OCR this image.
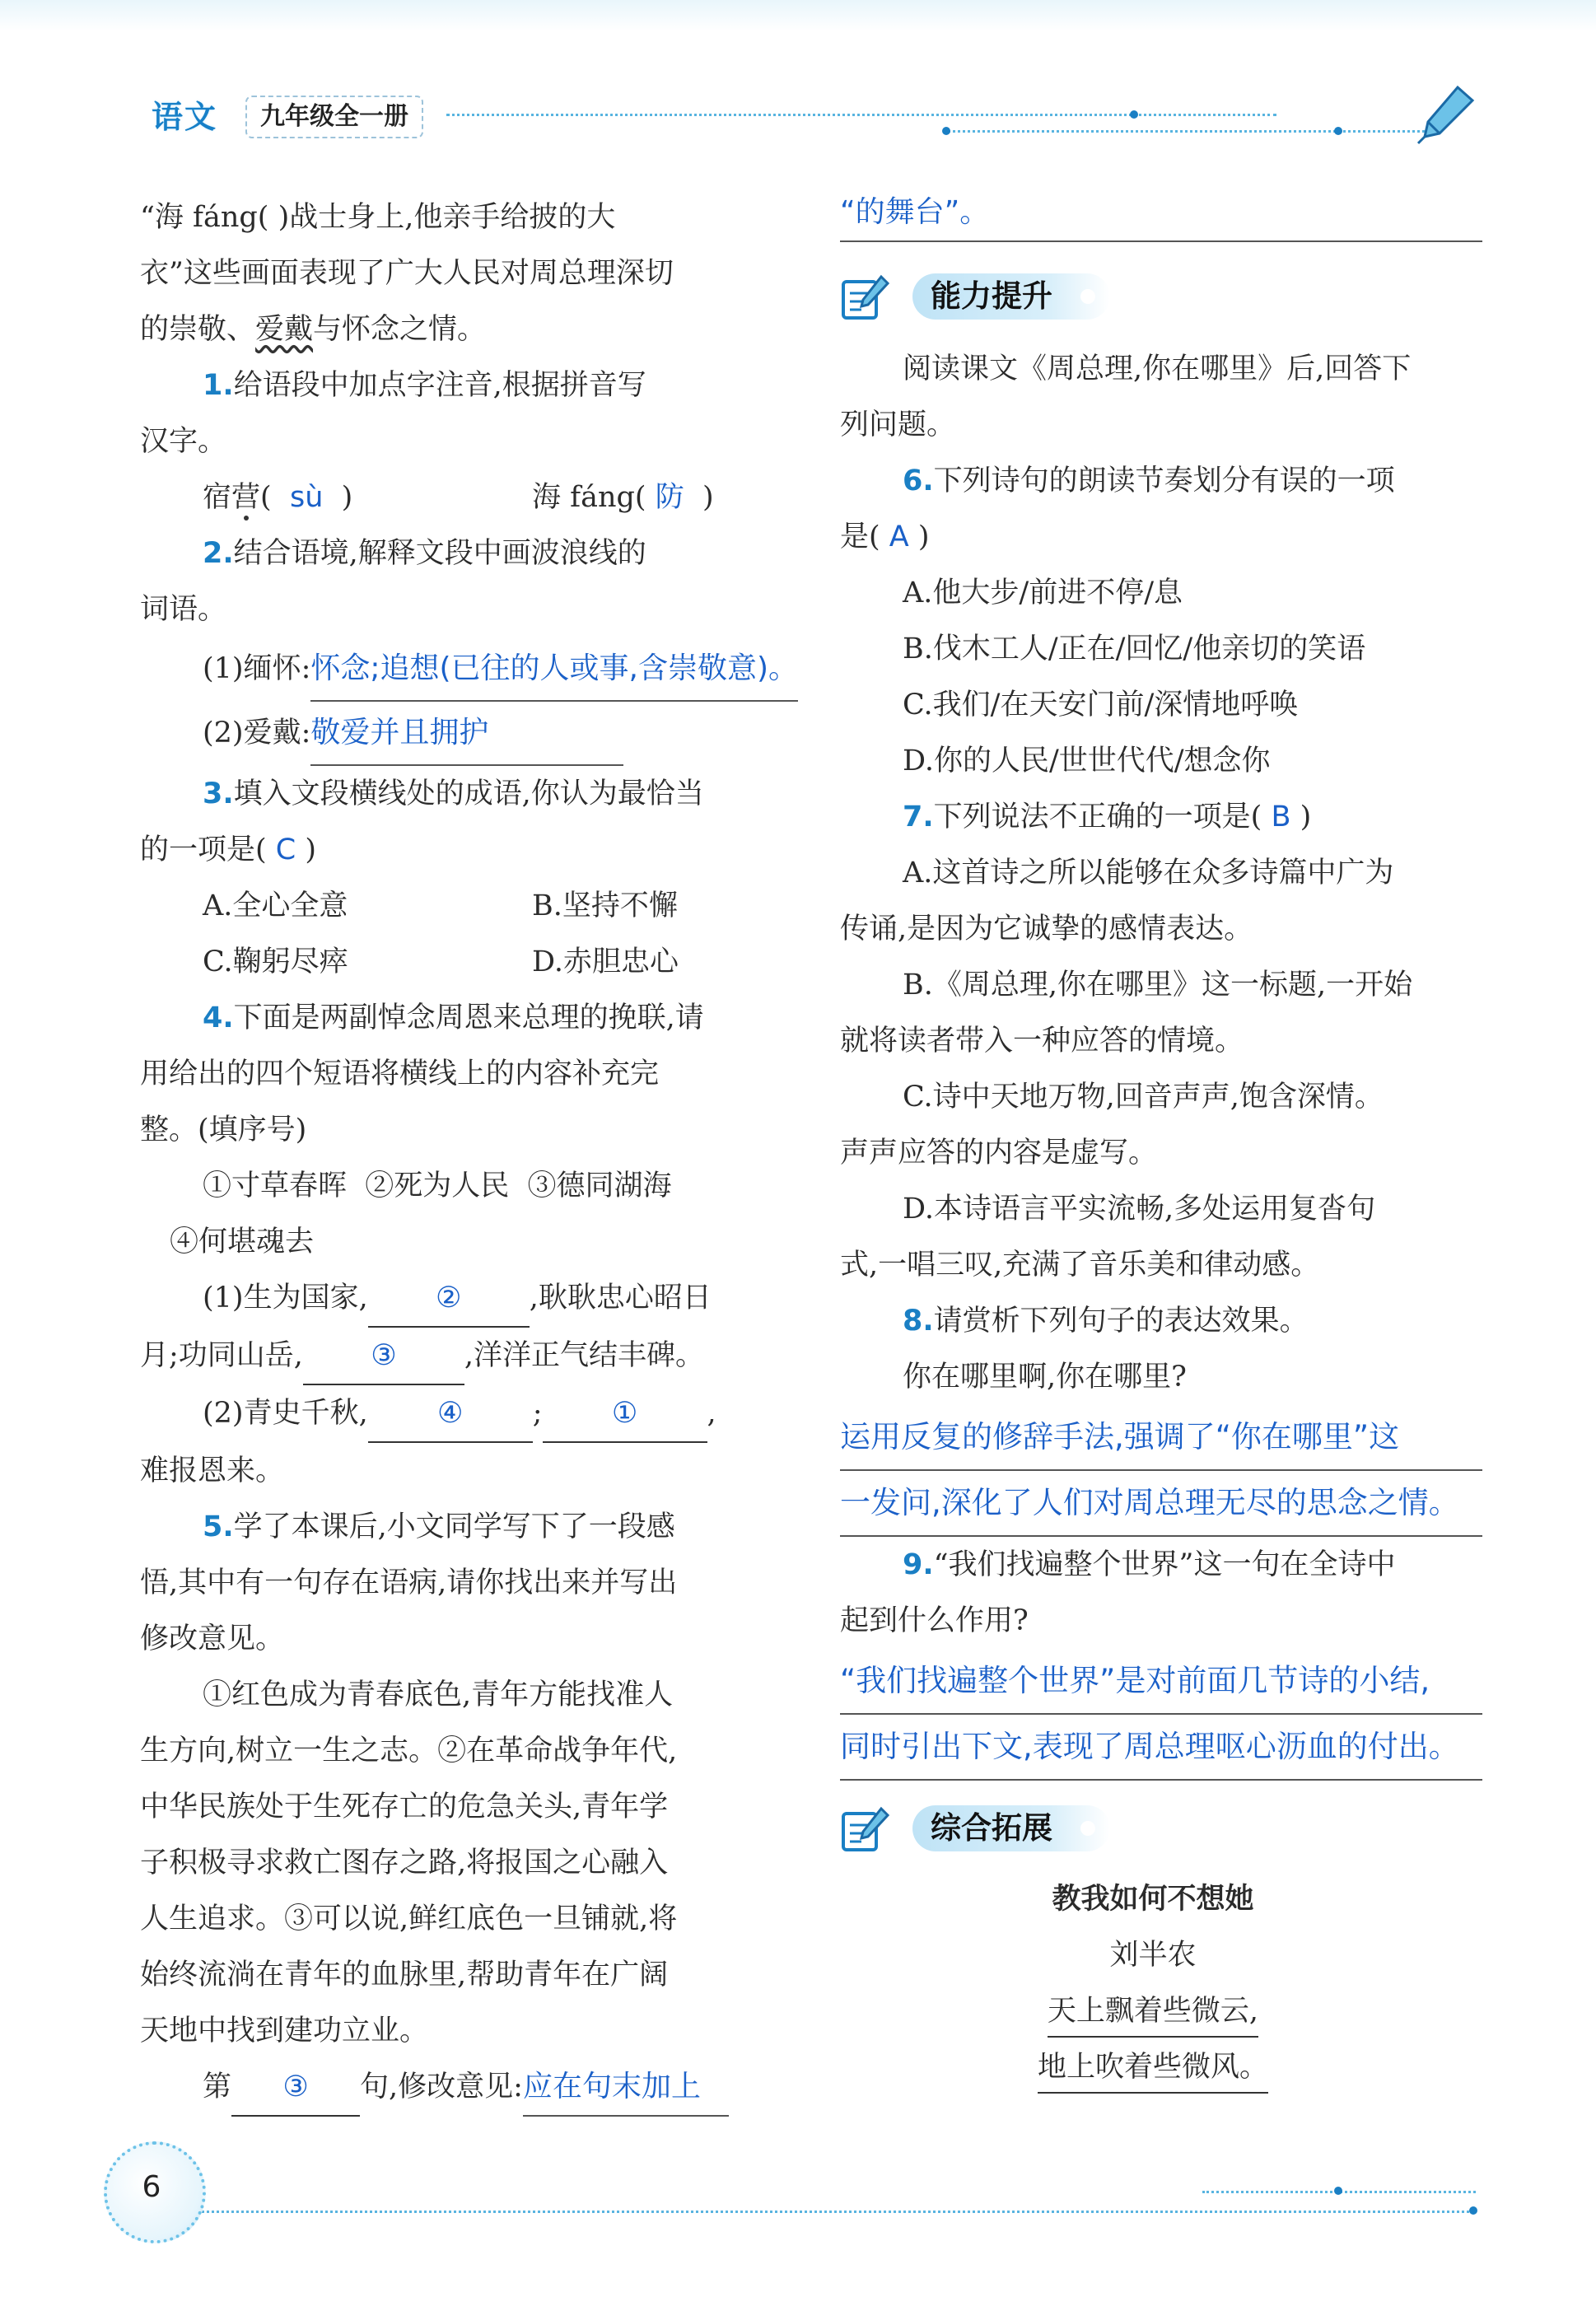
语文	九年级全一册

“海 fáng( )战士身上,他亲手给披的大

衣”这些画面表现了广大人民对周总理深切

的崇敬、爱戴与怀念之情。

1.给语段中加点字注音,根据拼音写

汉字。

宿营( sù )	海 fáng( 防 )

2.结合语境,解释文段中画波浪线的

词语。

(1)缅怀:怀念;追想(已往的人或事,含崇敬意)。

(2)爱戴:敬爱并且拥护

3.填入文段横线处的成语,你认为最恰当

的一项是( C )

A.全心全意	B.坚持不懈

C.鞠躬尽瘁	D.赤胆忠心

4.下面是两副悼念周恩来总理的挽联,请

用给出的四个短语将横线上的内容补充完

整。(填序号)

①寸草春晖  ②死为人民  ③德同湖海

④何堪魂去

(1)生为国家, ② ,耿耿忠心昭日

月;功同山岳, ③ ,洋洋正气结丰碑。

(2)青史千秋, ④ ; ① ,

难报恩来。

5.学了本课后,小文同学写下了一段感

悟,其中有一句存在语病,请你找出来并写出

修改意见。

①红色成为青春底色,青年方能找准人

生方向,树立一生之志。②在革命战争年代,

中华民族处于生死存亡的危急关头,青年学

子积极寻求救亡图存之路,将报国之心融入

人生追求。③可以说,鲜红底色一旦铺就,将

始终流淌在青年的血脉里,帮助青年在广阔

天地中找到建功立业。

第 ③ 句,修改意见:应在句末加上

“的舞台”。

能力提升

阅读课文《周总理,你在哪里》后,回答下

列问题。

6.下列诗句的朗读节奏划分有误的一项

是( A )

A.他大步/前进不停/息

B.伐木工人/正在/回忆/他亲切的笑语

C.我们/在天安门前/深情地呼唤

D.你的人民/世世代代/想念你

7.下列说法不正确的一项是( B )

A.这首诗之所以能够在众多诗篇中广为

传诵,是因为它诚挚的感情表达。

B.《周总理,你在哪里》这一标题,一开始

就将读者带入一种应答的情境。

C.诗中天地万物,回音声声,饱含深情。

声声应答的内容是虚写。

D.本诗语言平实流畅,多处运用复沓句

式,一唱三叹,充满了音乐美和律动感。

8.请赏析下列句子的表达效果。

你在哪里啊,你在哪里?

运用反复的修辞手法,强调了“你在哪里”这

一发问,深化了人们对周总理无尽的思念之情。

9.“我们找遍整个世界”这一句在全诗中

起到什么作用?

“我们找遍整个世界”是对前面几节诗的小结,

同时引出下文,表现了周总理呕心沥血的付出。

综合拓展

教我如何不想她

刘半农

天上飘着些微云,

地上吹着些微风。

6
